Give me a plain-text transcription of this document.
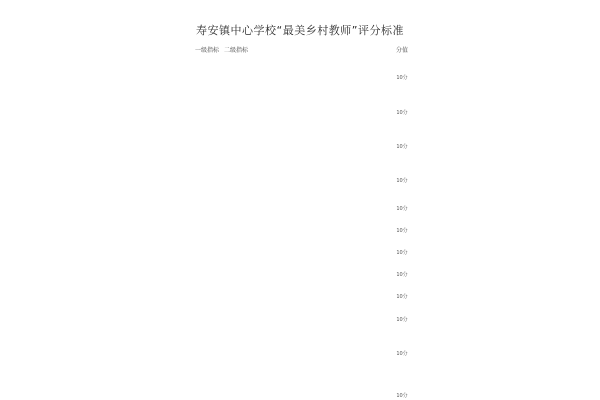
寿安镇中心学校“最美乡村教师”评分标准
一级指标	二级指标	分值
		10分
		10分
		10分
		10分
		10分
		10分
		10分
		10分
		10分
		10分
		10分
		10分
